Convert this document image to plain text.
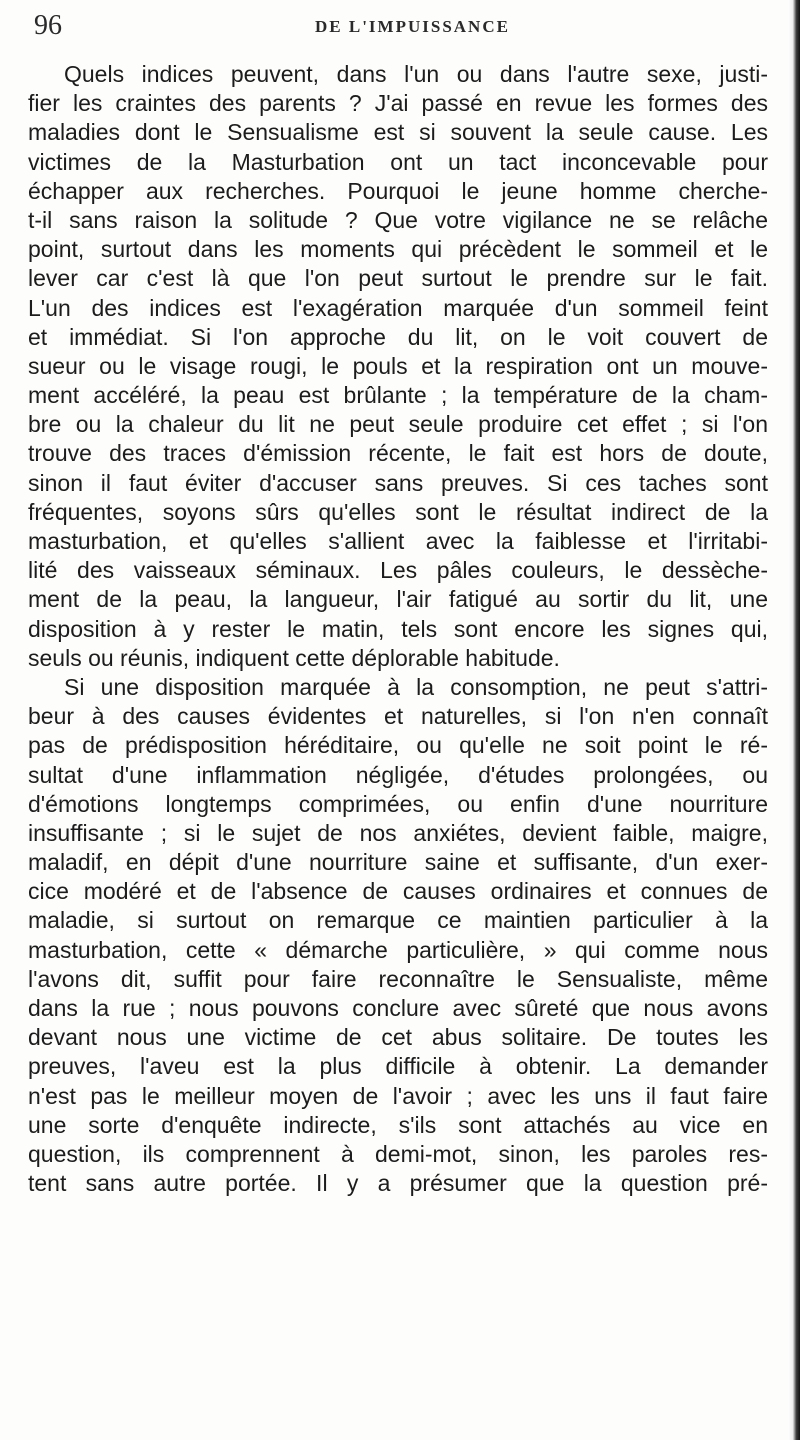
96	DE L'IMPUISSANCE
Quels indices peuvent, dans l'un ou dans l'autre sexe, justi-
fier les craintes des parents ? J'ai passé en revue les formes des
maladies dont le Sensualisme est si souvent la seule cause. Les
victimes de la Masturbation ont un tact inconcevable pour
échapper aux recherches. Pourquoi le jeune homme cherche-
t-il sans raison la solitude ? Que votre vigilance ne se relâche
point, surtout dans les moments qui précèdent le sommeil et le
lever car c'est là que l'on peut surtout le prendre sur le fait.
L'un des indices est l'exagération marquée d'un sommeil feint
et immédiat. Si l'on approche du lit, on le voit couvert de
sueur ou le visage rougi, le pouls et la respiration ont un mouve-
ment accéléré, la peau est brûlante ; la température de la cham-
bre ou la chaleur du lit ne peut seule produire cet effet ; si l'on
trouve des traces d'émission récente, le fait est hors de doute,
sinon il faut éviter d'accuser sans preuves. Si ces taches sont
fréquentes, soyons sûrs qu'elles sont le résultat indirect de la
masturbation, et qu'elles s'allient avec la faiblesse et l'irritabi-
lité des vaisseaux séminaux. Les pâles couleurs, le dessèche-
ment de la peau, la langueur, l'air fatigué au sortir du lit, une
disposition à y rester le matin, tels sont encore les signes qui,
seuls ou réunis, indiquent cette déplorable habitude.
Si une disposition marquée à la consomption, ne peut s'attri-
beur à des causes évidentes et naturelles, si l'on n'en connaît
pas de prédisposition héréditaire, ou qu'elle ne soit point le ré-
sultat d'une inflammation négligée, d'études prolongées, ou
d'émotions longtemps comprimées, ou enfin d'une nourriture
insuffisante ; si le sujet de nos anxiétes, devient faible, maigre,
maladif, en dépit d'une nourriture saine et suffisante, d'un exer-
cice modéré et de l'absence de causes ordinaires et connues de
maladie, si surtout on remarque ce maintien particulier à la
masturbation, cette « démarche particulière, » qui comme nous
l'avons dit, suffit pour faire reconnaître le Sensualiste, même
dans la rue ; nous pouvons conclure avec sûreté que nous avons
devant nous une victime de cet abus solitaire. De toutes les
preuves, l'aveu est la plus difficile à obtenir. La demander
n'est pas le meilleur moyen de l'avoir ; avec les uns il faut faire
une sorte d'enquête indirecte, s'ils sont attachés au vice en
question, ils comprennent à demi-mot, sinon, les paroles res-
tent sans autre portée. Il y a présumer que la question pré-
